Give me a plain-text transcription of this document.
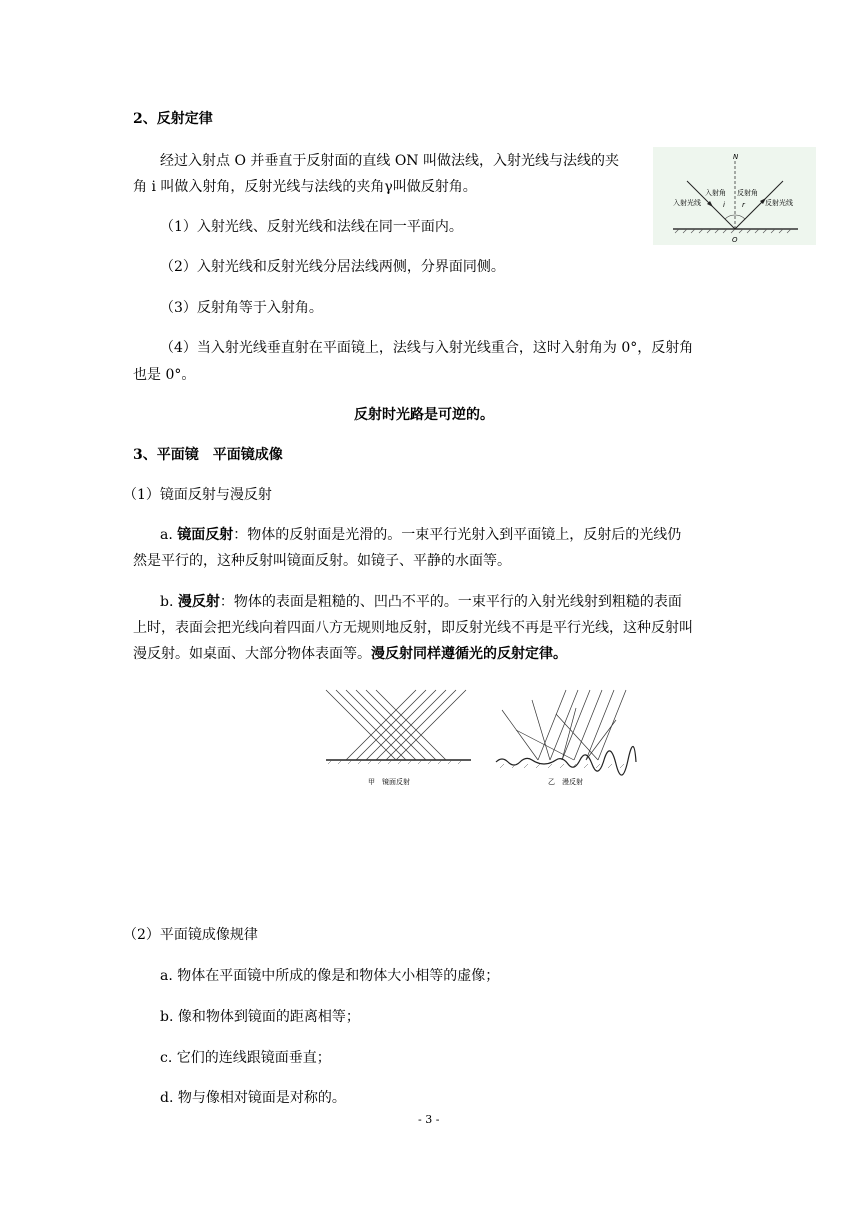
2、反射定律
经过入射点 O 并垂直于反射面的直线 ON 叫做法线，入射光线与法线的夹
角 i 叫做入射角，反射光线与法线的夹角γ叫做反射角。
（1）入射光线、反射光线和法线在同一平面内。
（2）入射光线和反射光线分居法线两侧，分界面同侧。
（3）反射角等于入射角。
（4）当入射光线垂直射在平面镜上，法线与入射光线重合，这时入射角为 0°，反射角
也是 0°。
反射时光路是可逆的。
N
O
入射光线	反射光线
入射角 反射角
i r
3、平面镜　平面镜成像
（1）镜面反射与漫反射
a. 镜面反射：物体的反射面是光滑的。一束平行光射入到平面镜上，反射后的光线仍
然是平行的，这种反射叫镜面反射。如镜子、平静的水面等。
b. 漫反射：物体的表面是粗糙的、凹凸不平的。一束平行的入射光线射到粗糙的表面
上时，表面会把光线向着四面八方无规则地反射，即反射光线不再是平行光线，这种反射叫
漫反射。如桌面、大部分物体表面等。漫反射同样遵循光的反射定律。
甲　镜面反射	乙　漫反射
（2）平面镜成像规律
a. 物体在平面镜中所成的像是和物体大小相等的虚像；
b. 像和物体到镜面的距离相等；
c. 它们的连线跟镜面垂直；
d. 物与像相对镜面是对称的。
- 3 -
